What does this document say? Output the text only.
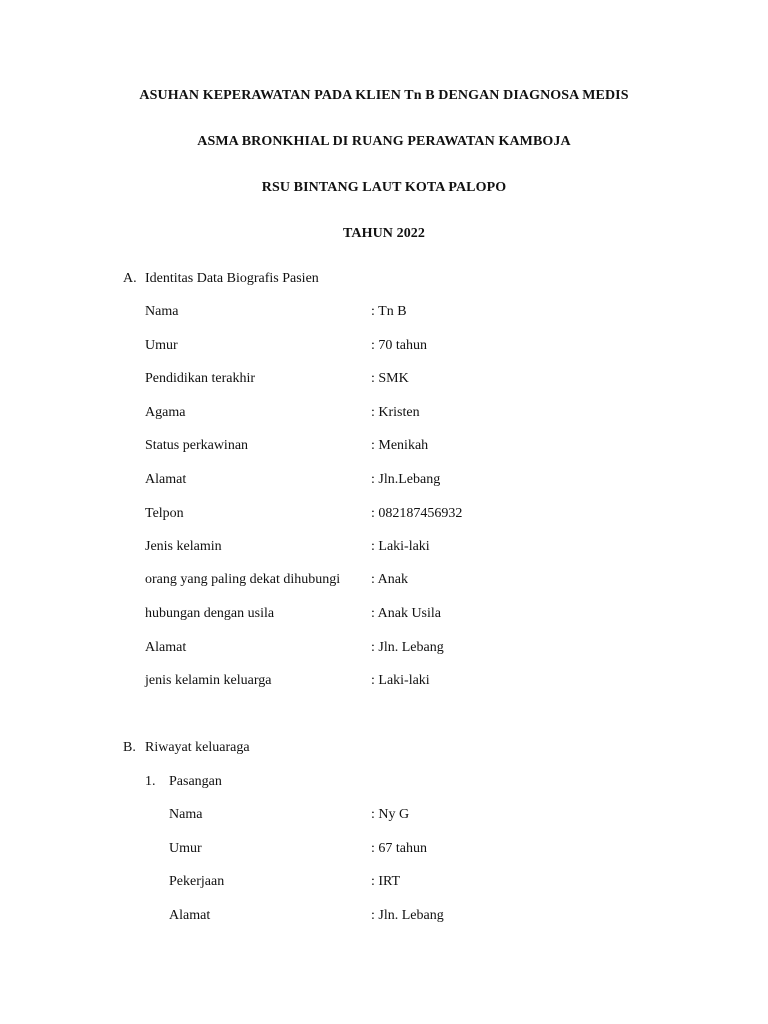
ASUHAN KEPERAWATAN PADA KLIEN Tn B DENGAN DIAGNOSA MEDIS
ASMA BRONKHIAL DI RUANG PERAWATAN KAMBOJA
RSU BINTANG LAUT KOTA PALOPO
TAHUN 2022
A. Identitas Data Biografis Pasien
Nama	: Tn B
Umur	: 70 tahun
Pendidikan terakhir	: SMK
Agama	: Kristen
Status perkawinan	: Menikah
Alamat	: Jln.Lebang
Telpon	: 082187456932
Jenis kelamin	: Laki-laki
orang yang paling dekat dihubungi : Anak
hubungan dengan usila	: Anak Usila
Alamat	: Jln. Lebang
jenis kelamin keluarga	: Laki-laki
B. Riwayat keluaraga
1. Pasangan
Nama	: Ny G
Umur	: 67 tahun
Pekerjaan	: IRT
Alamat	: Jln. Lebang
